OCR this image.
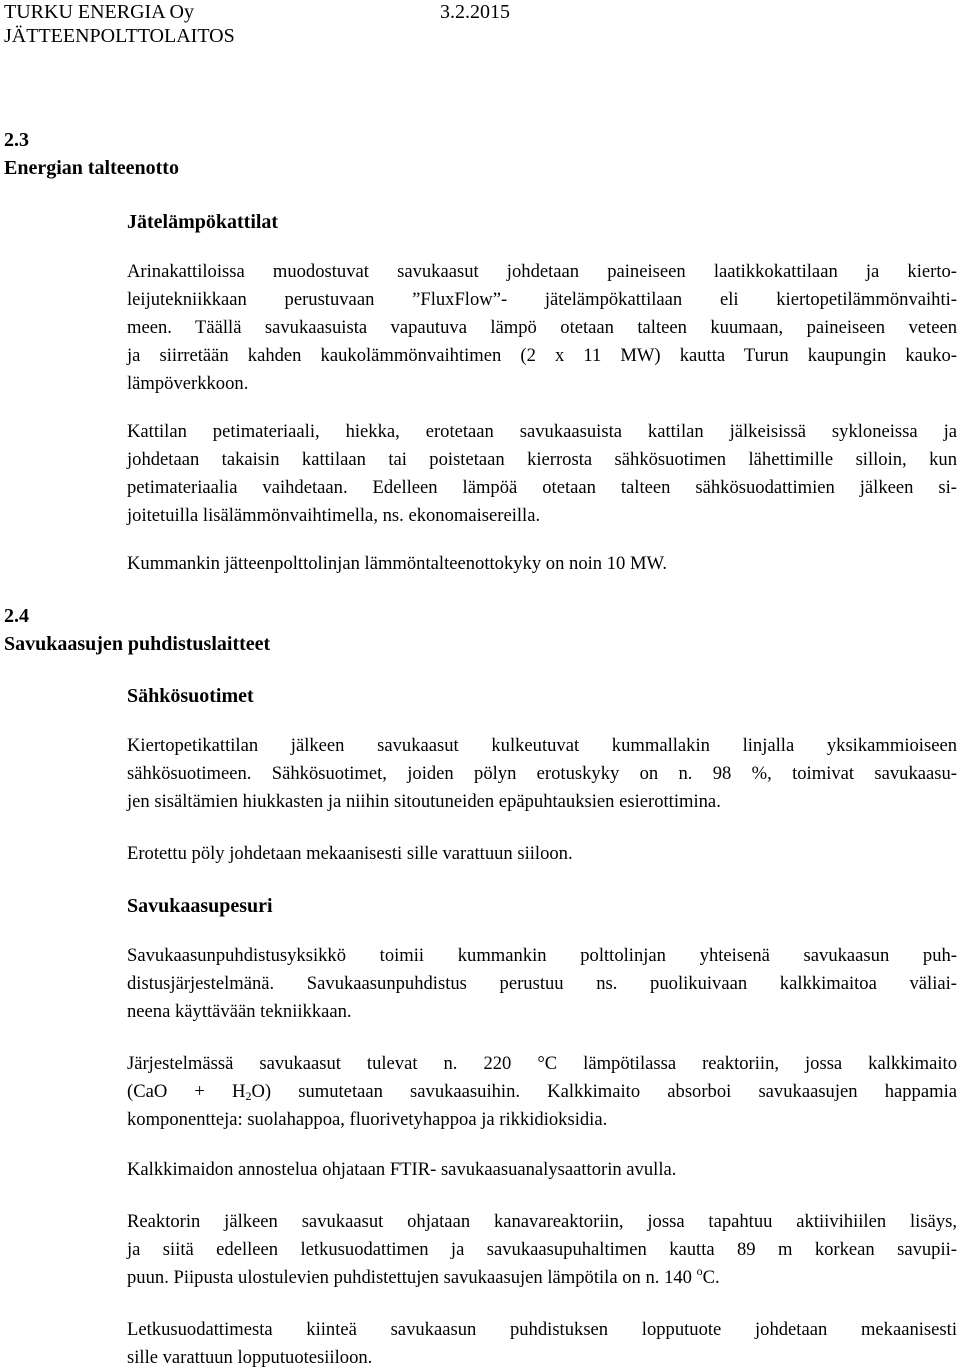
TURKU ENERGIA Oy	3.2.2015
JÄTTEENPOLTTOLAITOS
2.3
Energian talteenotto
Jätelämpökattilat
Arinakattiloissa muodostuvat savukaasut johdetaan paineiseen laatikkokattilaan ja kierto-
leijutekniikkaan perustuvaan ”FluxFlow”- jätelämpökattilaan eli kiertopetilämmönvaihti-
meen. Täällä savukaasuista vapautuva lämpö otetaan talteen kuumaan, paineiseen veteen
ja siirretään kahden kaukolämmönvaihtimen (2 x 11 MW) kautta Turun kaupungin kauko-
lämpöverkkoon.
Kattilan petimateriaali, hiekka, erotetaan savukaasuista kattilan jälkeisissä sykloneissa ja
johdetaan takaisin kattilaan tai poistetaan kierrosta sähkösuotimen lähettimille silloin, kun
petimateriaalia vaihdetaan. Edelleen lämpöä otetaan talteen sähkösuodattimien jälkeen si-
joitetuilla lisälämmönvaihtimella, ns. ekonomaisereilla.
Kummankin jätteenpolttolinjan lämmöntalteenottokyky on noin 10 MW.
2.4
Savukaasujen puhdistuslaitteet
Sähkösuotimet
Kiertopetikattilan jälkeen savukaasut kulkeutuvat kummallakin linjalla yksikammioiseen
sähkösuotimeen. Sähkösuotimet, joiden pölyn erotuskyky on n. 98 %, toimivat savukaasu-
jen sisältämien hiukkasten ja niihin sitoutuneiden epäpuhtauksien esierottimina.
Erotettu pöly johdetaan mekaanisesti sille varattuun siiloon.
Savukaasupesuri
Savukaasunpuhdistusyksikkö toimii kummankin polttolinjan yhteisenä savukaasun puh-
distusjärjestelmänä. Savukaasunpuhdistus perustuu ns. puolikuivaan kalkkimaitoa väliai-
neena käyttävään tekniikkaan.
Järjestelmässä savukaasut tulevat n. 220 °C lämpötilassa reaktoriin, jossa kalkkimaito
$(CaO + H_2O)$ sumutetaan savukaasuihin. Kalkkimaito absorboi savukaasujen happamia
komponentteja: suolahappoa, fluorivetyhappoa ja rikkidioksidia.
Kalkkimaidon annostelua ohjataan FTIR- savukaasuanalysaattorin avulla.
Reaktorin jälkeen savukaasut ohjataan kanavareaktoriin, jossa tapahtuu aktiivihiilen lisäys,
ja siitä edelleen letkusuodattimen ja savukaasupuhaltimen kautta 89 m korkean savupii-
puun. Piipusta ulostulevien puhdistettujen savukaasujen lämpötila on n. 140 $^o$C.
Letkusuodattimesta kiinteä savukaasun puhdistuksen lopputuote johdetaan mekaanisesti
sille varattuun lopputuotesiiloon.
